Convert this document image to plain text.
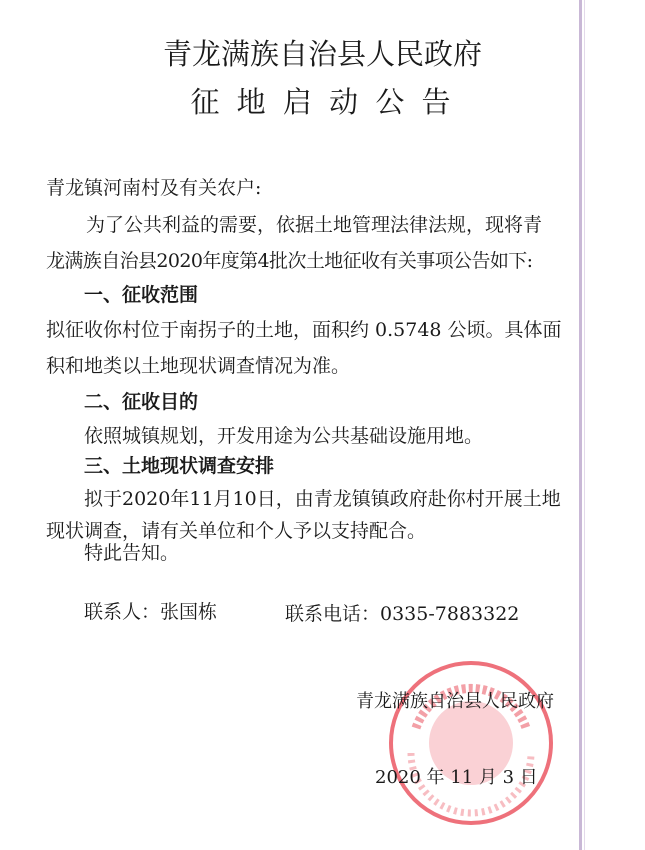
青龙满族自治县人民政府
征 地 启 动 公 告
青龙镇河南村及有关农户:
为了公共利益的需要，依据土地管理法律法规，现将青
龙满族自治县2020年度第4批次土地征收有关事项公告如下:
一、征收范围
拟征收你村位于南拐子的土地，面积约 0.5748 公顷。具体面
积和地类以土地现状调查情况为准。
二、征收目的
依照城镇规划，开发用途为公共基础设施用地。
三、土地现状调查安排
拟于2020年11月10日，由青龙镇镇政府赴你村开展土地
现状调查，请有关单位和个人予以支持配合。
特此告知。
联系人：张国栋	联系电话：0335-7883322
青龙满族自治县人民政府
2020 年 11 月 3 日
